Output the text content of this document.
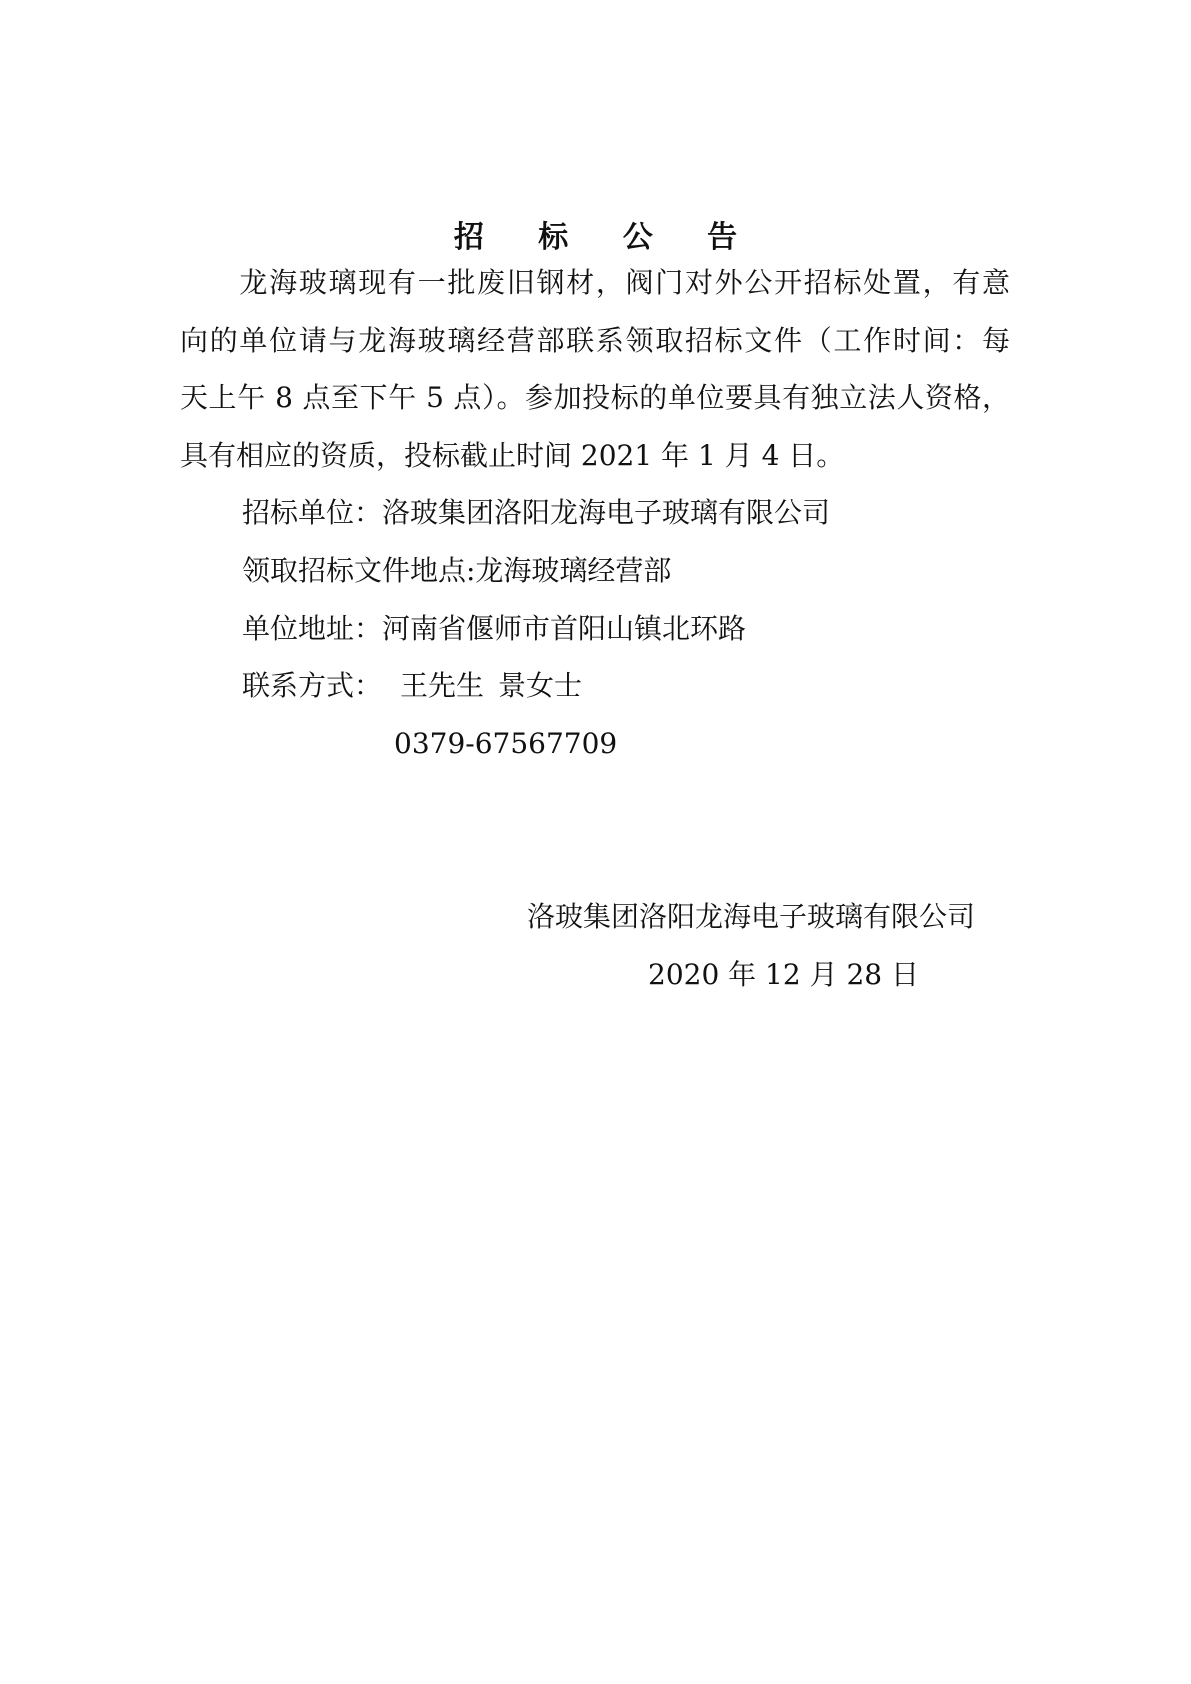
招 标 公 告
　　龙海玻璃现有一批废旧钢材，阀门对外公开招标处置，有意
向的单位请与龙海玻璃经营部联系领取招标文件（工作时间：每
天上午 8 点至下午 5 点）。参加投标的单位要具有独立法人资格，
具有相应的资质，投标截止时间 2021 年 1 月 4 日。
招标单位：洛玻集团洛阳龙海电子玻璃有限公司
领取招标文件地点:龙海玻璃经营部
单位地址：河南省偃师市首阳山镇北环路
联系方式： 王先生 景女士
0379-67567709
洛玻集团洛阳龙海电子玻璃有限公司
2020 年 12 月 28 日
